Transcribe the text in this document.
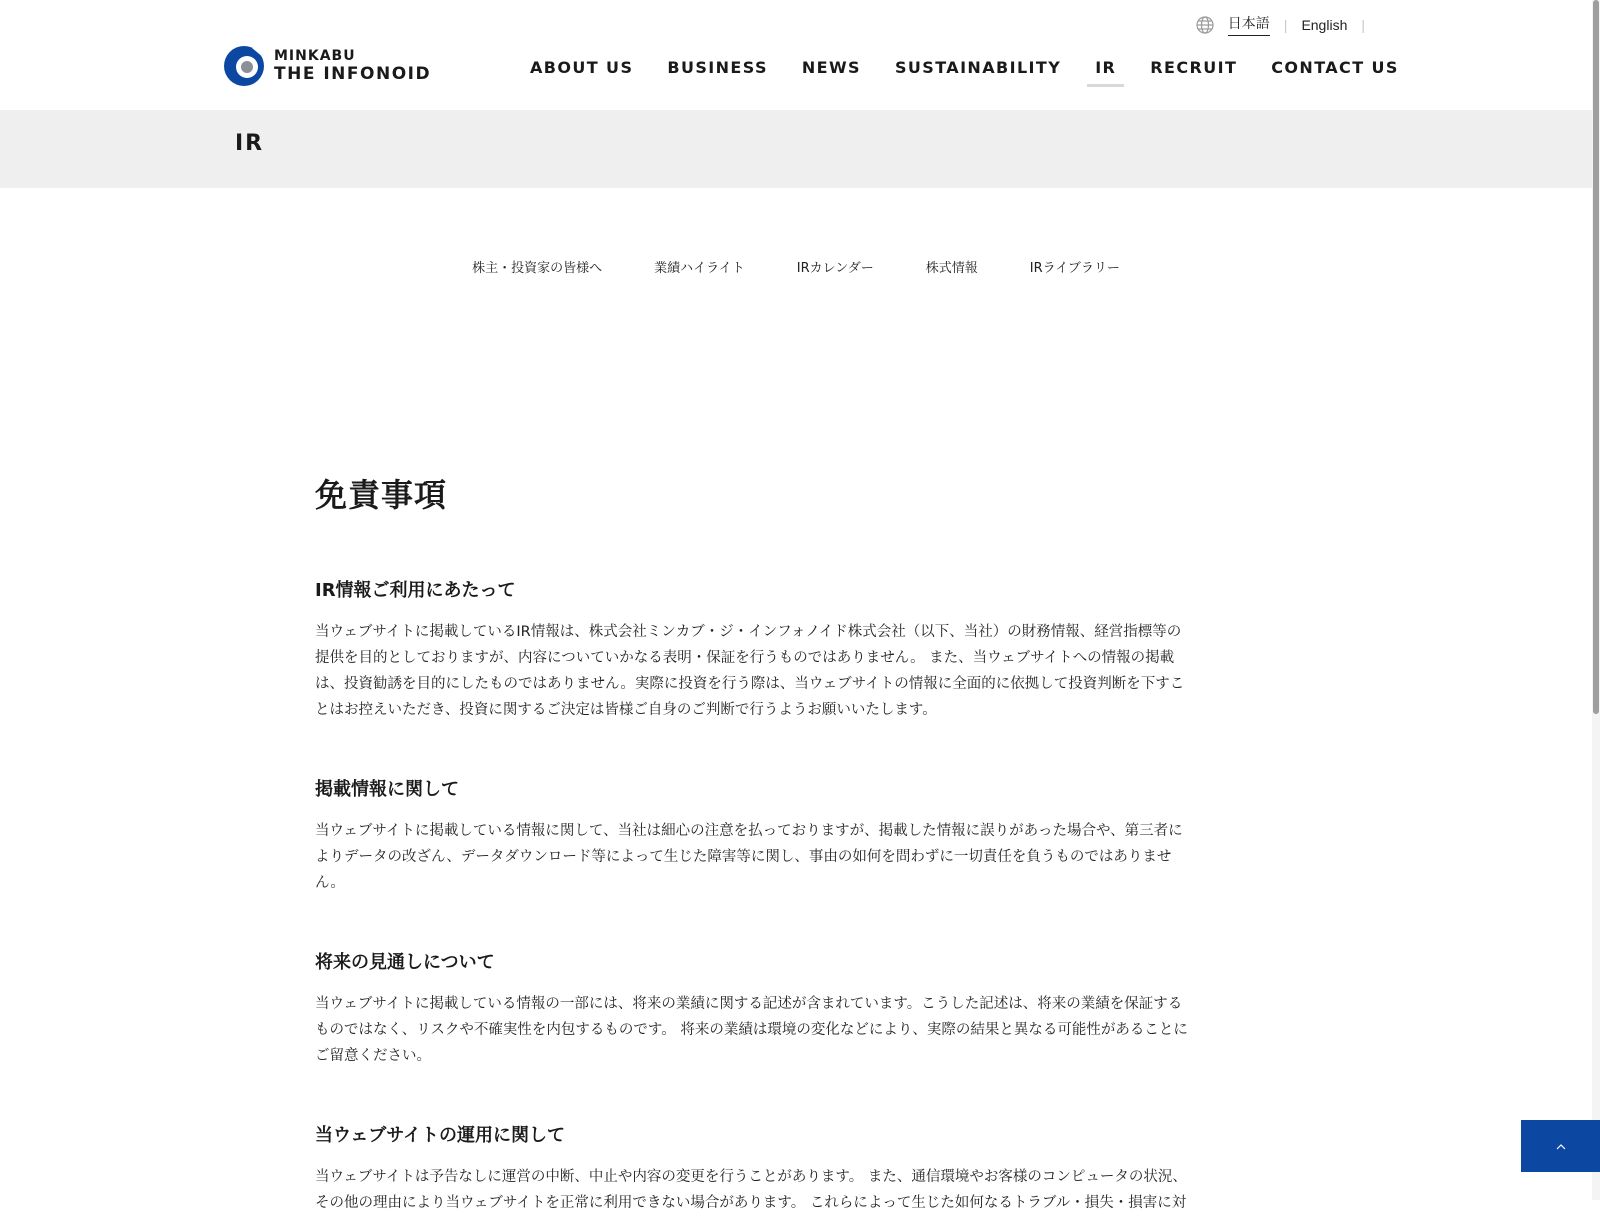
MINKABU
THE INFONOID
日本語 | English |
ABOUT US BUSINESS NEWS SUSTAINABILITY IR RECRUIT CONTACT US
IR
株主・投資家の皆様へ	業績ハイライト	IRカレンダー	株式情報	IRライブラリー
免責事項
IR情報ご利用にあたって
当ウェブサイトに掲載しているIR情報は、株式会社ミンカブ・ジ・インフォノイド株式会社（以下、当社）の財務情報、経営指標等の
提供を目的としておりますが、内容についていかなる表明・保証を行うものではありません。 また、当ウェブサイトへの情報の掲載
は、投資勧誘を目的にしたものではありません。実際に投資を行う際は、当ウェブサイトの情報に全面的に依拠して投資判断を下すこ
とはお控えいただき、投資に関するご決定は皆様ご自身のご判断で行うようお願いいたします。
掲載情報に関して
当ウェブサイトに掲載している情報に関して、当社は細心の注意を払っておりますが、掲載した情報に誤りがあった場合や、第三者に
よりデータの改ざん、データダウンロード等によって生じた障害等に関し、事由の如何を問わずに一切責任を負うものではありませ
ん。
将来の見通しについて
当ウェブサイトに掲載している情報の一部には、将来の業績に関する記述が含まれています。こうした記述は、将来の業績を保証する
ものではなく、リスクや不確実性を内包するものです。 将来の業績は環境の変化などにより、実際の結果と異なる可能性があることに
ご留意ください。
当ウェブサイトの運用に関して
当ウェブサイトは予告なしに運営の中断、中止や内容の変更を行うことがあります。 また、通信環境やお客様のコンピュータの状況、
その他の理由により当ウェブサイトを正常に利用できない場合があります。 これらによって生じた如何なるトラブル・損失・損害に対
